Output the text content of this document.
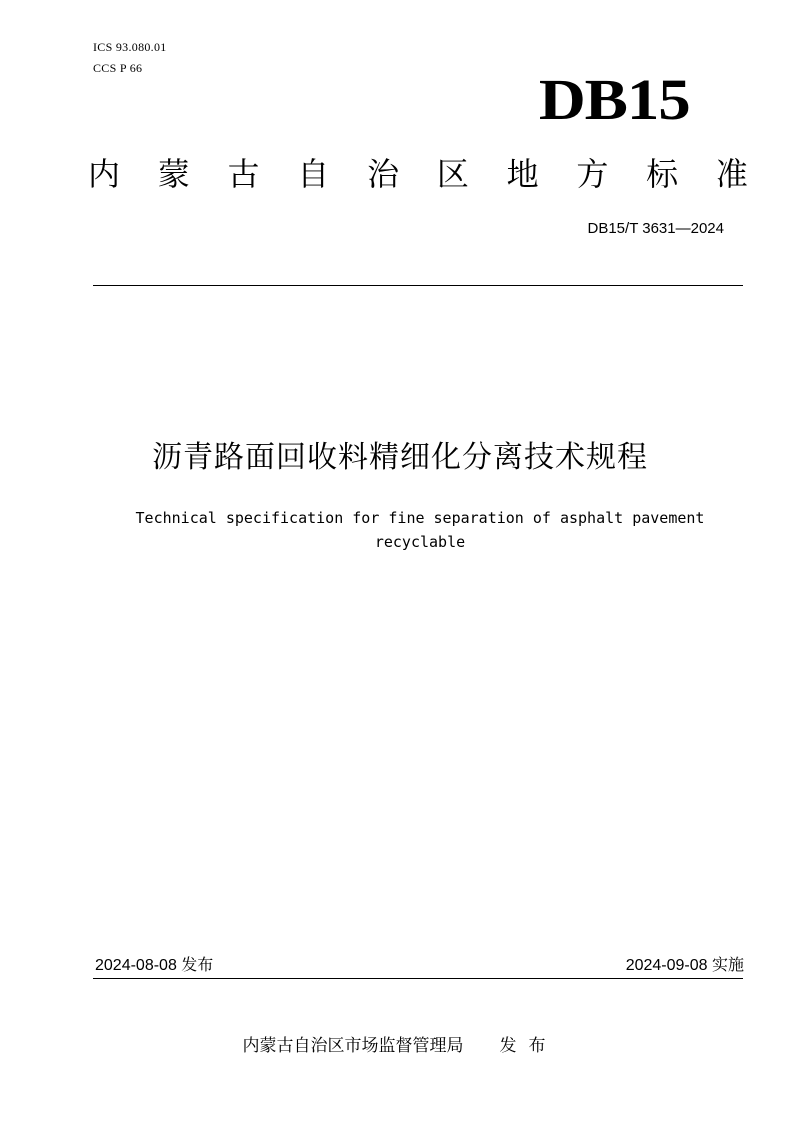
ICS 93.080.01
CCS P 66	DB15
内 蒙 古 自 治 区 地 方 标 准
DB15/T 3631—2024
沥青路面回收料精细化分离技术规程
Technical specification for fine separation of asphalt pavement recyclable
2024-08-08 发布	2024-09-08 实施
内蒙古自治区市场监督管理局 发布
